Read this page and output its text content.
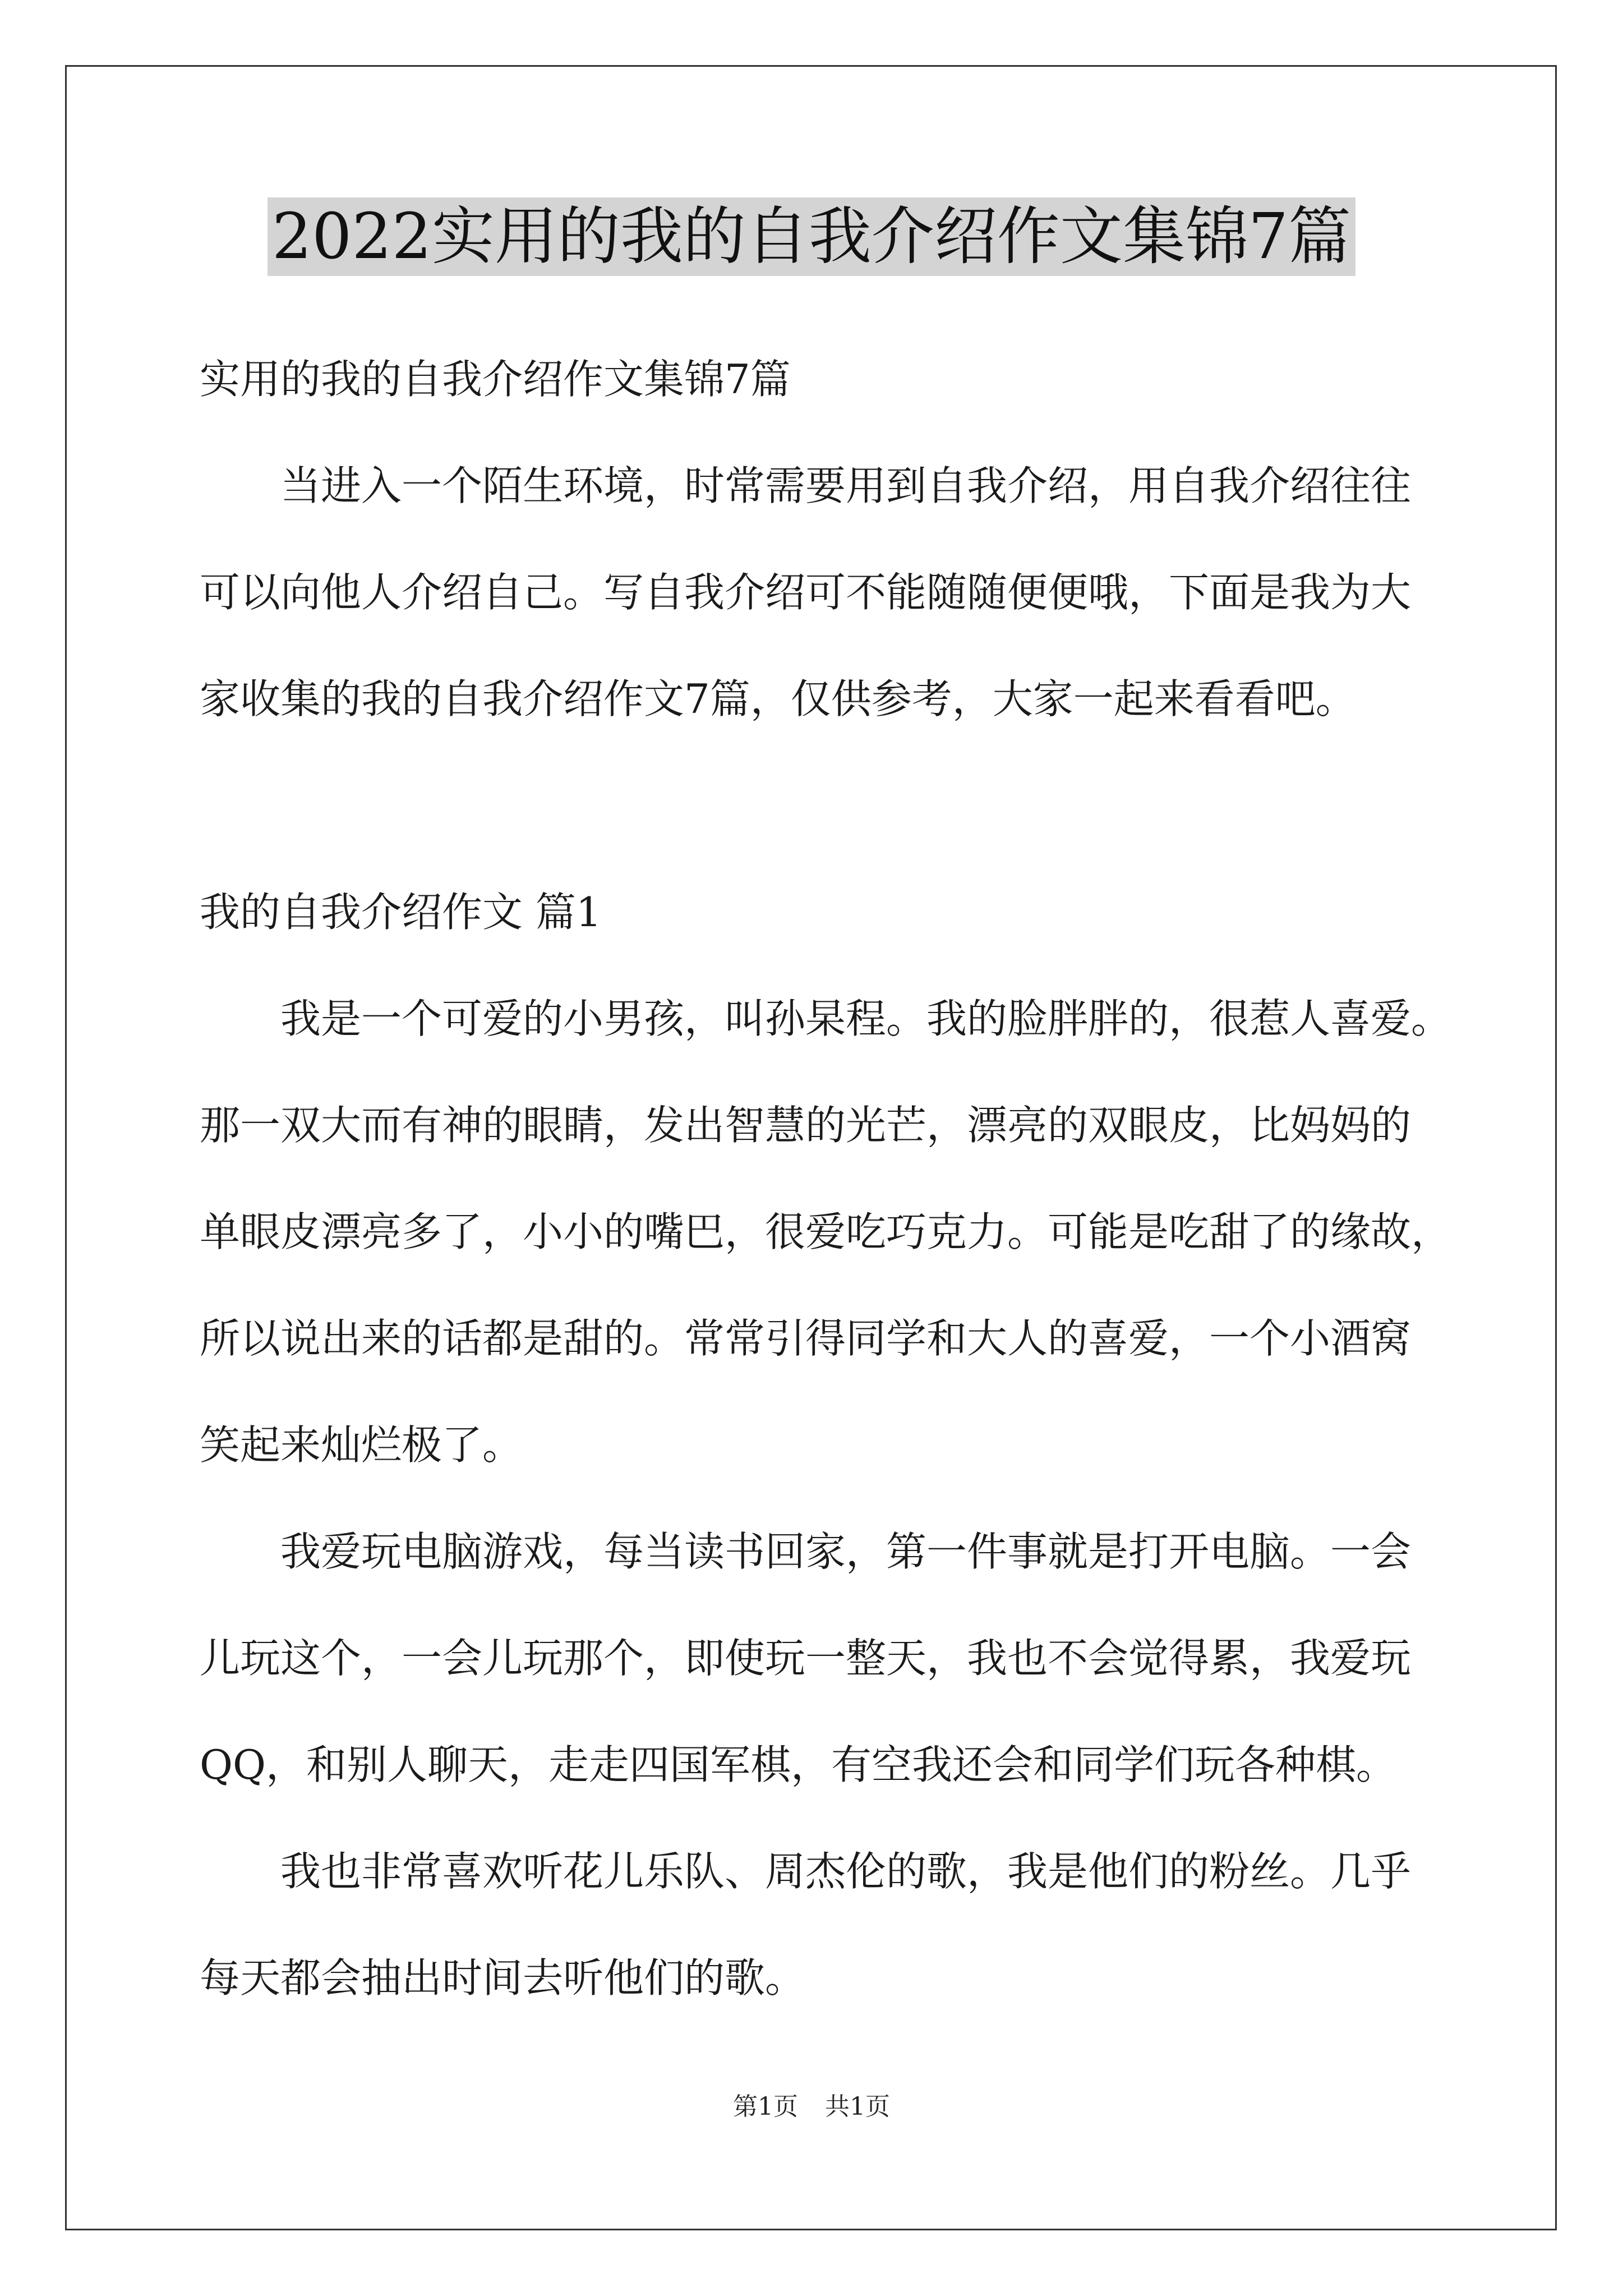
2022实用的我的自我介绍作文集锦7篇
实用的我的自我介绍作文集锦7篇
当进入一个陌生环境，时常需要用到自我介绍，用自我介绍往往
可以向他人介绍自己。写自我介绍可不能随随便便哦，下面是我为大
家收集的我的自我介绍作文7篇，仅供参考，大家一起来看看吧。
我的自我介绍作文 篇1
我是一个可爱的小男孩，叫孙杲程。我的脸胖胖的，很惹人喜爱。
那一双大而有神的眼睛，发出智慧的光芒，漂亮的双眼皮，比妈妈的
单眼皮漂亮多了，小小的嘴巴，很爱吃巧克力。可能是吃甜了的缘故，
所以说出来的话都是甜的。常常引得同学和大人的喜爱，一个小酒窝
笑起来灿烂极了。
我爱玩电脑游戏，每当读书回家，第一件事就是打开电脑。一会
儿玩这个，一会儿玩那个，即使玩一整天，我也不会觉得累，我爱玩
QQ，和别人聊天，走走四国军棋，有空我还会和同学们玩各种棋。
我也非常喜欢听花儿乐队、周杰伦的歌，我是他们的粉丝。几乎
每天都会抽出时间去听他们的歌。
第1页 共1页
